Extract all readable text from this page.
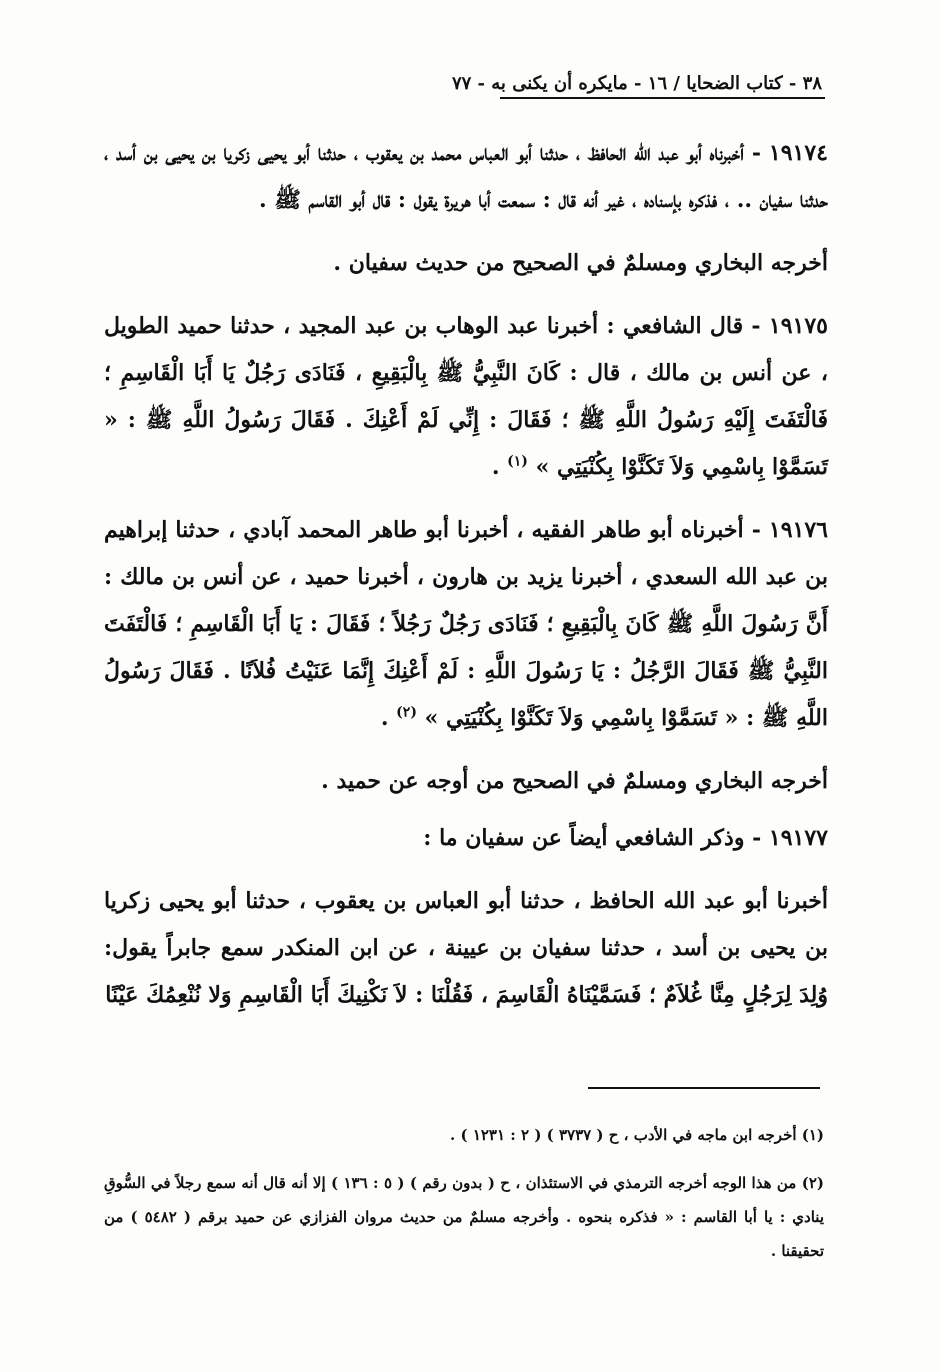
٣٨ - كتاب الضحايا / ١٦ - مايكره أن يكنى به - ٧٧

١٩١٧٤ - أخبرناه أبو عبد الله الحافظ ، حدثنا أبو العباس محمد بن يعقوب ، حدثنا أبو يحيى زكريا بن يحيى بن أسد ، حدثنا سفيان .. ، فذكره بإسناده ، غير أنه قال : سمعت أبا هريرة يقول : قال أبو القاسم ﷺ .

أخرجه البخاري ومسلمٌ في الصحيح من حديث سفيان .

١٩١٧٥ - قال الشافعي : أخبرنا عبد الوهاب بن عبد المجيد ، حدثنا حميد الطويل ، عن أنس بن مالك ، قال : كَانَ النَّبِيُّ ﷺ بِالْبَقِيعِ ، فَنَادَى رَجُلٌ يَا أَبَا الْقَاسِمِ ؛ فَالْتَفَتَ إِلَيْهِ رَسُولُ اللَّهِ ﷺ ؛ فَقَالَ : إِنِّي لَمْ أَعْنِكَ . فَقَالَ رَسُولُ اللَّهِ ﷺ : « تَسَمَّوْا بِاسْمِي وَلاَ تَكَنَّوْا بِكُنْيَتِي » $^{(١)}$ .

١٩١٧٦ - أخبرناه أبو طاهر الفقيه ، أخبرنا أبو طاهر المحمد آبادي ، حدثنا إبراهيم بن عبد الله السعدي ، أخبرنا يزيد بن هارون ، أخبرنا حميد ، عن أنس بن مالك : أَنَّ رَسُولَ اللَّهِ ﷺ كَانَ بِالْبَقِيعِ ؛ فَنَادَى رَجُلٌ رَجُلاً ؛ فَقَالَ : يَا أَبَا الْقَاسِمِ ؛ فَالْتَفَتَ النَّبِيُّ ﷺ فَقَالَ الرَّجُلُ : يَا رَسُولَ اللَّهِ : لَمْ أَعْنِكَ إِنَّمَا عَنَيْتُ فُلاَنًا . فَقَالَ رَسُولُ اللَّهِ ﷺ : « تَسَمَّوْا بِاسْمِي وَلاَ تَكَنَّوْا بِكُنْيَتِي » $^{(٢)}$ .

أخرجه البخاري ومسلمٌ في الصحيح من أوجه عن حميد .

١٩١٧٧ - وذكر الشافعي أيضاً عن سفيان ما :

أخبرنا أبو عبد الله الحافظ ، حدثنا أبو العباس بن يعقوب ، حدثنا أبو يحيى زكريا بن يحيى بن أسد ، حدثنا سفيان بن عيينة ، عن ابن المنكدر سمع جابراً يقول: وُلِدَ لِرَجُلٍ مِنَّا غُلاَمٌ ؛ فَسَمَّيْنَاهُ الْقَاسِمَ ، فَقُلْنَا : لاَ نَكْنِيكَ أَبَا الْقَاسِمِ وَلا نُنْعِمُكَ عَيْنًا

(١) أخرجه ابن ماجه في الأدب ، ح ( ٣٧٣٧ ) ( ٢ : ١٢٣١ ) .

(٢) من هذا الوجه أخرجه الترمذي في الاستئذان ، ح ( بدون رقم ) ( ٥ : ١٣٦ ) إلا أنه قال أنه سمع رجلاً في السُّوقِ ينادي : يا أبا القاسم : « فذكره بنحوه . وأخرجه مسلمٌ من حديث مروان الفزازي عن حميد برقم ( ٥٤٨٢ ) من تحقيقنا .
